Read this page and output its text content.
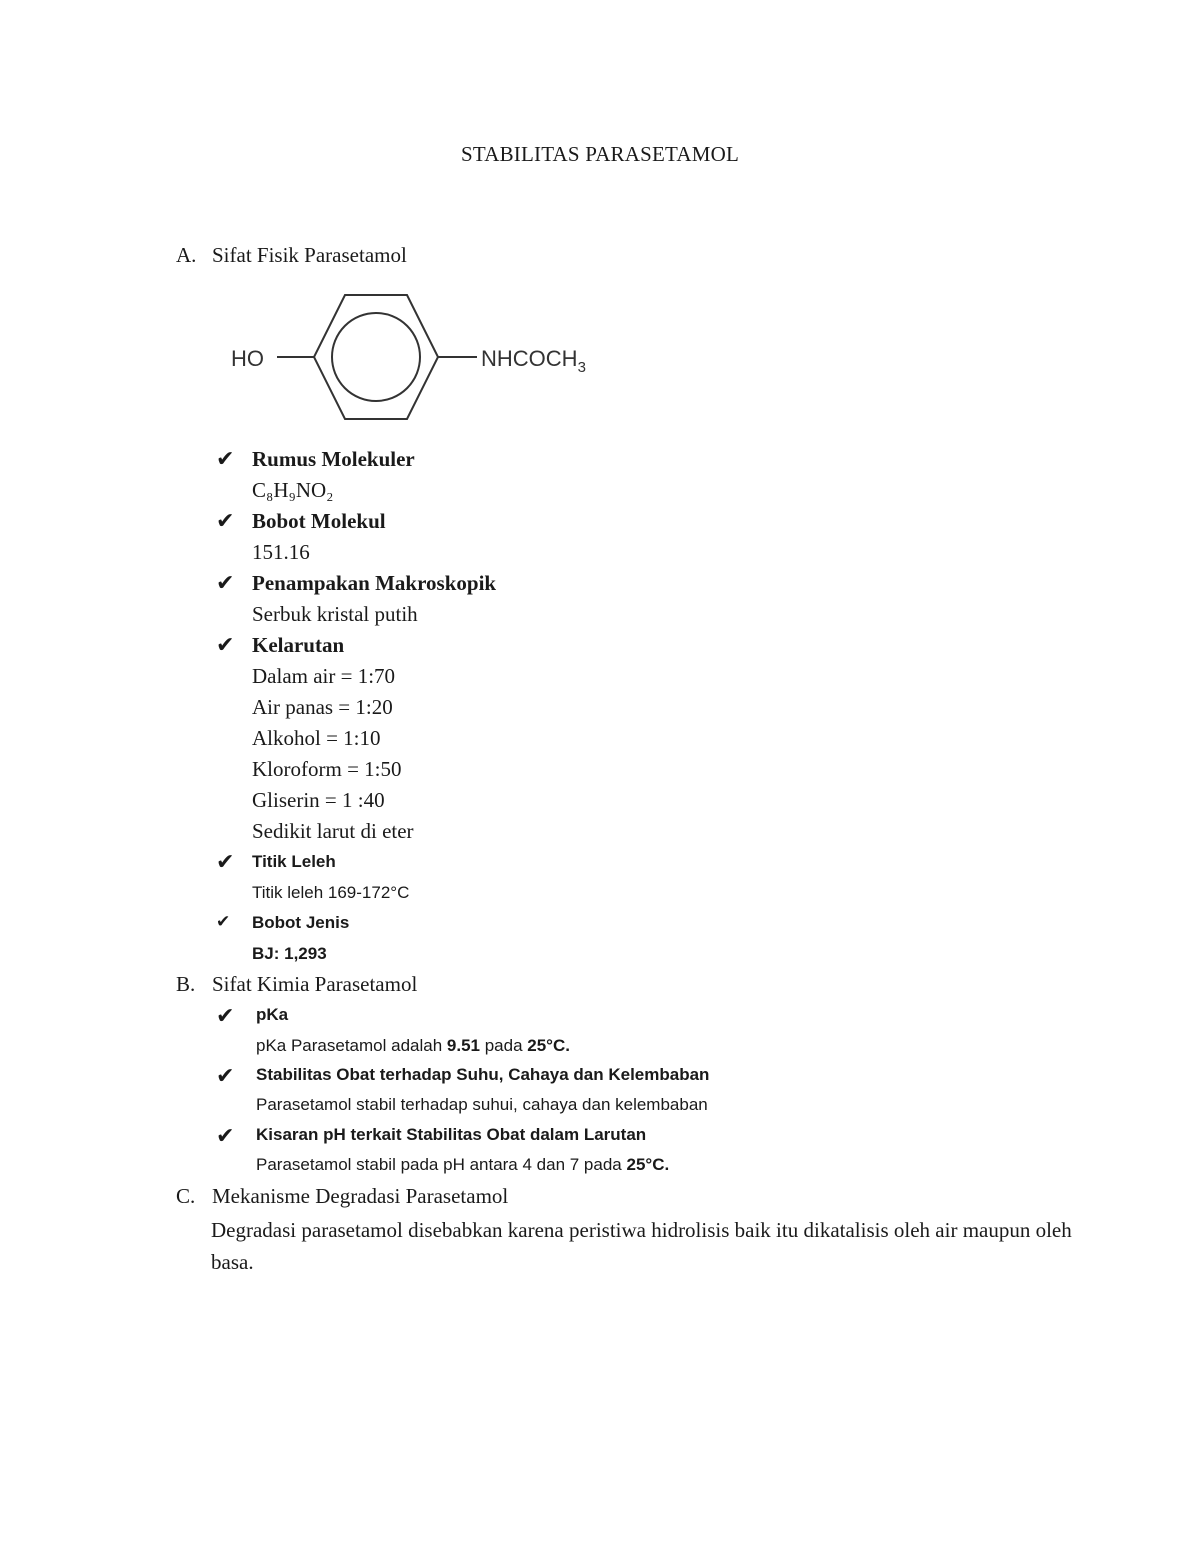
STABILITAS PARASETAMOL
A. Sifat Fisik Parasetamol
HO	$NHCOCH_3$
✔ Rumus Molekuler
C₈H₉NO₂
✔ Bobot Molekul
151.16
✔ Penampakan Makroskopik
Serbuk kristal putih
✔ Kelarutan
Dalam air = 1:70
Air panas = 1:20
Alkohol = 1:10
Kloroform = 1:50
Gliserin = 1 :40
Sedikit larut di eter
✔ Titik Leleh
Titik leleh 169-172°C
✔ Bobot Jenis
BJ: 1,293
B. Sifat Kimia Parasetamol
✔ pKa
pKa Parasetamol adalah 9.51 pada 25°C.
✔ Stabilitas Obat terhadap Suhu, Cahaya dan Kelembaban
Parasetamol stabil terhadap suhui, cahaya dan kelembaban
✔ Kisaran pH terkait Stabilitas Obat dalam Larutan
Parasetamol stabil pada pH antara 4 dan 7 pada 25°C.
C. Mekanisme Degradasi Parasetamol
Degradasi parasetamol disebabkan karena peristiwa hidrolisis baik itu dikatalisis oleh air maupun oleh basa.
